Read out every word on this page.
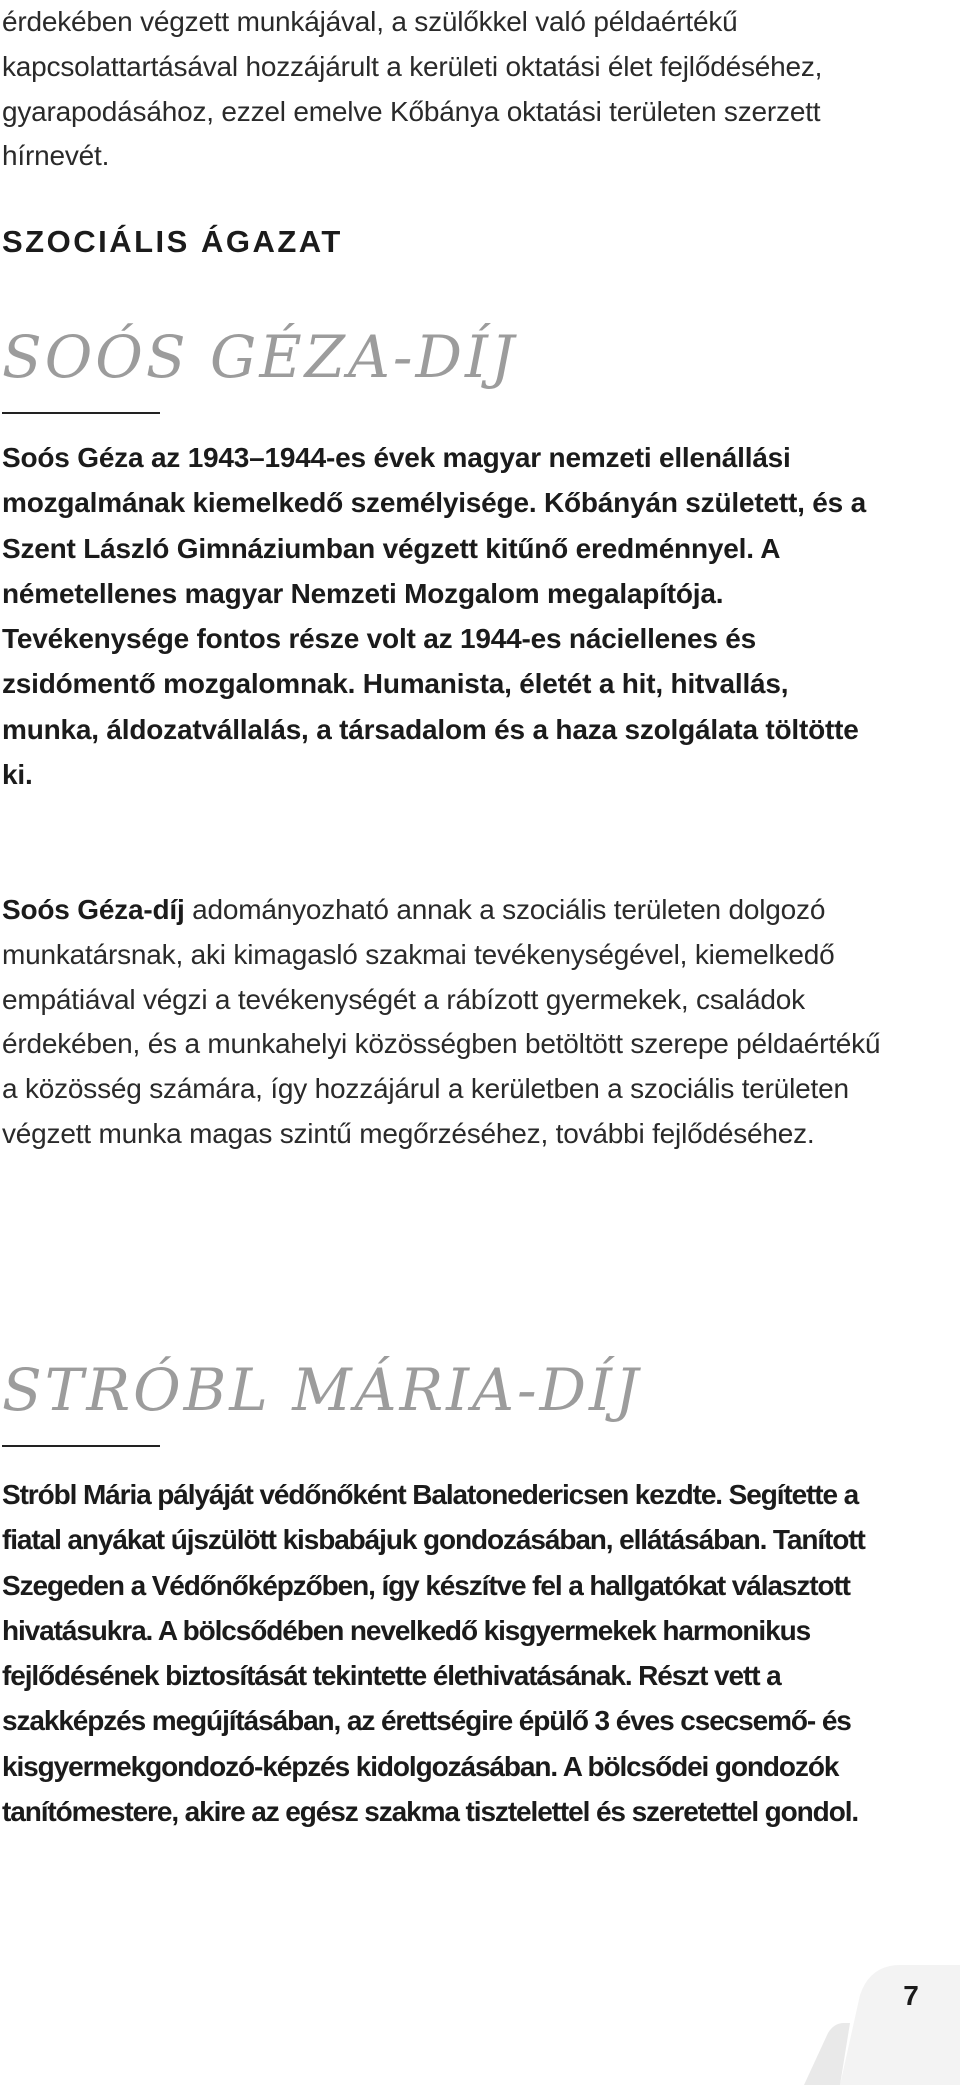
érdekében végzett munkájával, a szülőkkel való példaértékű kapcsolattartásával hozzájárult a kerületi oktatási élet fejlődéséhez, gyarapodásához, ezzel emelve Kőbánya oktatási területen szerzett hírnevét.

SZOCIÁLIS ÁGAZAT
SOÓS GÉZA-DÍJ

Soós Géza az 1943–1944-es évek magyar nemzeti ellenállási mozgalmának kiemelkedő személyisége. Kőbányán született, és a Szent László Gimnáziumban végzett kitűnő eredménnyel. A németellenes magyar Nemzeti Mozgalom megalapítója. Tevékenysége fontos része volt az 1944-es náciellenes és zsidómentő mozgalomnak. Humanista, életét a hit, hitvallás, munka, áldozatvállalás, a társadalom és a haza szolgálata töltötte ki.

Soós Géza-díj adományozható annak a szociális területen dolgozó munkatársnak, aki kimagasló szakmai tevékenységével, kiemelkedő empátiával végzi a tevékenységét a rábízott gyermekek, családok érdekében, és a munkahelyi közösségben betöltött szerepe példaértékű a közösség számára, így hozzájárul a kerületben a szociális területen végzett munka magas szintű megőrzéséhez, további fejlődéséhez.

STRÓBL MÁRIA-DÍJ

Stróbl Mária pályáját védőnőként Balatonedericsen kezdte. Segítette a fiatal anyákat újszülött kisbabájuk gondozásában, ellátásában. Tanított Szegeden a Védőnőképzőben, így készítve fel a hallgatókat választott hivatásukra. A bölcsődében nevelkedő kisgyermekek harmonikus fejlődésének biztosítását tekintette élethivatásának. Részt vett a szakképzés megújításában, az érettségire épülő 3 éves csecsemő- és kisgyermekgondozó-képzés kidolgozásában. A bölcsődei gondozók tanítómestere, akire az egész szakma tisztelettel és szeretettel gondol.

7
